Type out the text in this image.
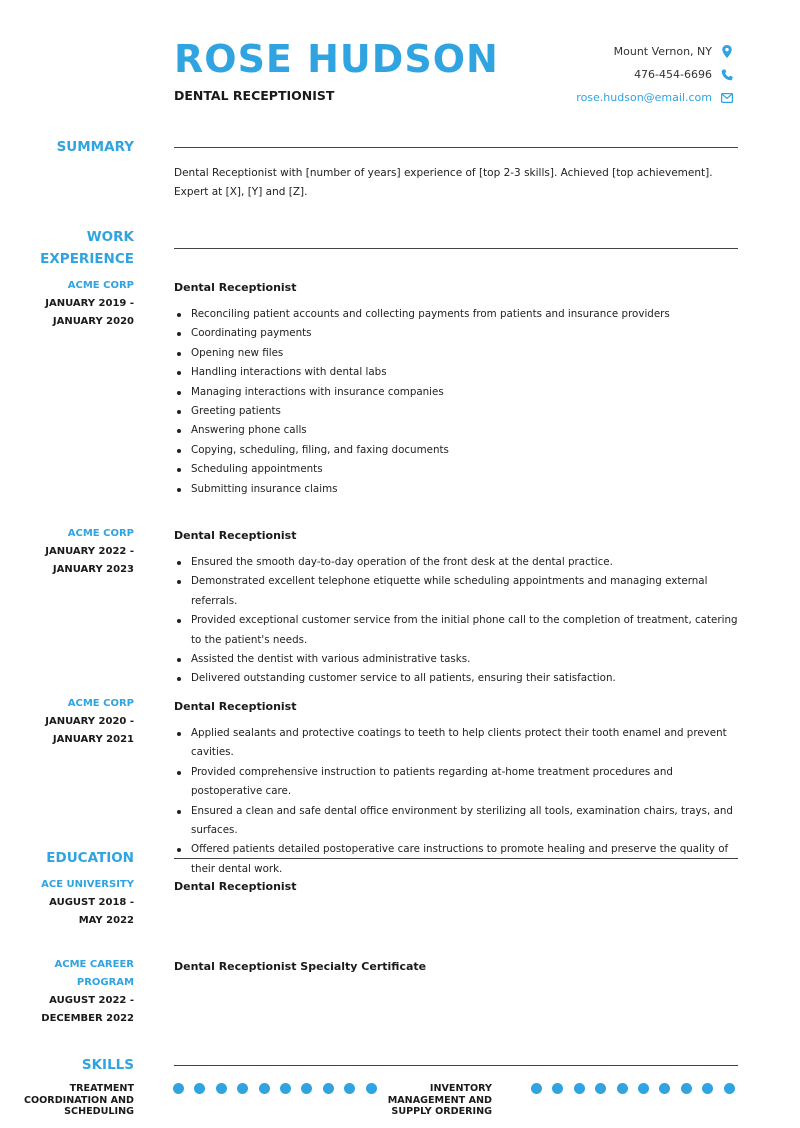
ROSE HUDSON
DENTAL RECEPTIONIST
Mount Vernon, NY
476-454-6696
rose.hudson@email.com
SUMMARY
Dental Receptionist with [number of years] experience of [top 2-3 skills]. Achieved [top achievement]. Expert at [X], [Y] and [Z].
WORK
EXPERIENCE
ACME CORP
JANUARY 2019 -
JANUARY 2020
Dental Receptionist
Reconciling patient accounts and collecting payments from patients and insurance providers
Coordinating payments
Opening new files
Handling interactions with dental labs
Managing interactions with insurance companies
Greeting patients
Answering phone calls
Copying, scheduling, filing, and faxing documents
Scheduling appointments
Submitting insurance claims
ACME CORP
JANUARY 2022 -
JANUARY 2023
Dental Receptionist
Ensured the smooth day-to-day operation of the front desk at the dental practice.
Demonstrated excellent telephone etiquette while scheduling appointments and managing external referrals.
Provided exceptional customer service from the initial phone call to the completion of treatment, catering to the patient's needs.
Assisted the dentist with various administrative tasks.
Delivered outstanding customer service to all patients, ensuring their satisfaction.
ACME CORP
JANUARY 2020 -
JANUARY 2021
Dental Receptionist
Applied sealants and protective coatings to teeth to help clients protect their tooth enamel and prevent cavities.
Provided comprehensive instruction to patients regarding at-home treatment procedures and postoperative care.
Ensured a clean and safe dental office environment by sterilizing all tools, examination chairs, trays, and surfaces.
Offered patients detailed postoperative care instructions to promote healing and preserve the quality of their dental work.
EDUCATION
ACE UNIVERSITY
AUGUST 2018 -
MAY 2022
Dental Receptionist
ACME CAREER
PROGRAM
AUGUST 2022 -
DECEMBER 2022
Dental Receptionist Specialty Certificate
SKILLS
TREATMENT
COORDINATION AND
SCHEDULING
INVENTORY
MANAGEMENT AND
SUPPLY ORDERING
